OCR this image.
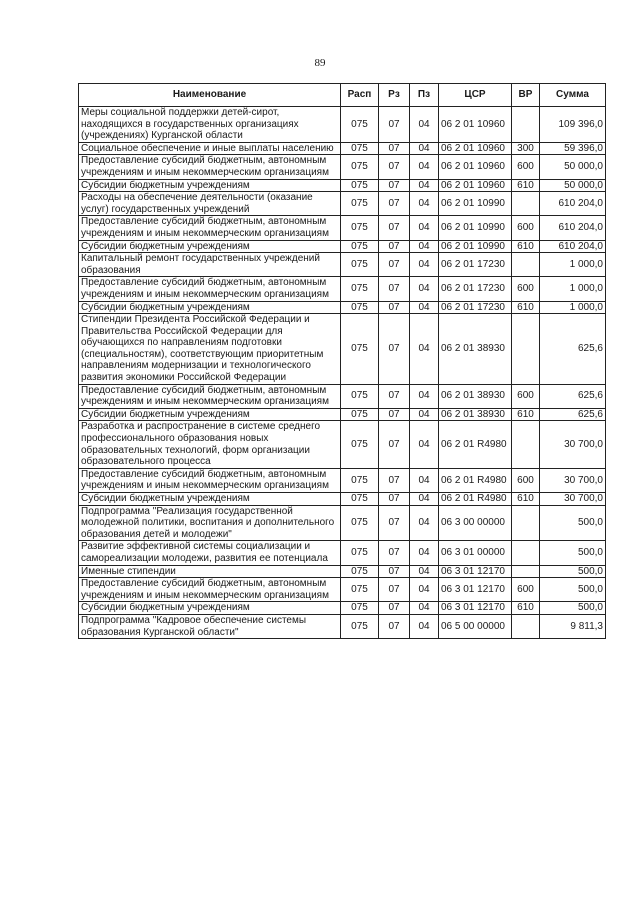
89
Наименование	Расп	Рз	Пз	ЦСР	ВР	Сумма
Меры социальной поддержки детей-сирот, находящихся в государственных организациях (учреждениях) Курганской области	075	07	04	06 2 01 10960		109 396,0
Социальное обеспечение и иные выплаты населению	075	07	04	06 2 01 10960	300	59 396,0
Предоставление субсидий бюджетным, автономным учреждениям и иным некоммерческим организациям	075	07	04	06 2 01 10960	600	50 000,0
Субсидии бюджетным учреждениям	075	07	04	06 2 01 10960	610	50 000,0
Расходы на обеспечение деятельности (оказание услуг) государственных учреждений	075	07	04	06 2 01 10990		610 204,0
Предоставление субсидий бюджетным, автономным учреждениям и иным некоммерческим организациям	075	07	04	06 2 01 10990	600	610 204,0
Субсидии бюджетным учреждениям	075	07	04	06 2 01 10990	610	610 204,0
Капитальный ремонт государственных учреждений образования	075	07	04	06 2 01 17230		1 000,0
Предоставление субсидий бюджетным, автономным учреждениям и иным некоммерческим организациям	075	07	04	06 2 01 17230	600	1 000,0
Субсидии бюджетным учреждениям	075	07	04	06 2 01 17230	610	1 000,0
Стипендии Президента Российской Федерации и Правительства Российской Федерации для обучающихся по направлениям подготовки (специальностям), соответствующим приоритетным направлениям модернизации и технологического развития экономики Российской Федерации	075	07	04	06 2 01 38930		625,6
Предоставление субсидий бюджетным, автономным учреждениям и иным некоммерческим организациям	075	07	04	06 2 01 38930	600	625,6
Субсидии бюджетным учреждениям	075	07	04	06 2 01 38930	610	625,6
Разработка и распространение в системе среднего профессионального образования новых образовательных технологий, форм организации образовательного процесса	075	07	04	06 2 01 R4980		30 700,0
Предоставление субсидий бюджетным, автономным учреждениям и иным некоммерческим организациям	075	07	04	06 2 01 R4980	600	30 700,0
Субсидии бюджетным учреждениям	075	07	04	06 2 01 R4980	610	30 700,0
Подпрограмма "Реализация государственной молодежной политики, воспитания и дополнительного образования детей и молодежи"	075	07	04	06 3 00 00000		500,0
Развитие эффективной системы социализации и самореализации молодежи, развития ее потенциала	075	07	04	06 3 01 00000		500,0
Именные стипендии	075	07	04	06 3 01 12170		500,0
Предоставление субсидий бюджетным, автономным учреждениям и иным некоммерческим организациям	075	07	04	06 3 01 12170	600	500,0
Субсидии бюджетным учреждениям	075	07	04	06 3 01 12170	610	500,0
Подпрограмма "Кадровое обеспечение системы образования Курганской области"	075	07	04	06 5 00 00000		9 811,3
